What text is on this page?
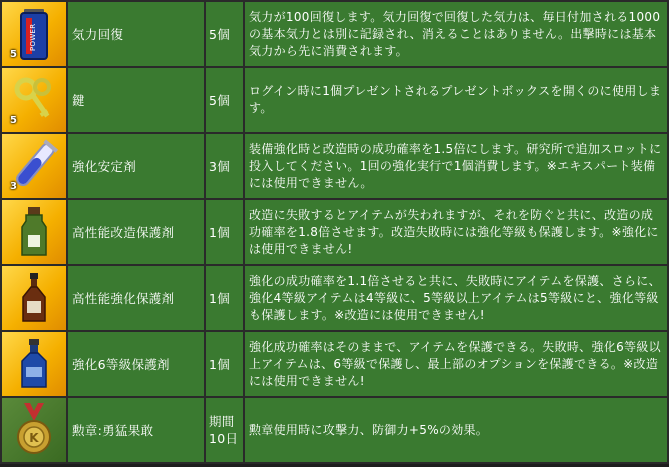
POWER
5	気力回復	5個	気力が100回復します。気力回復で回復した気力は、毎日付加される1000の基本気力とは別に記録され、消えることはありません。出撃時には基本気力から先に消費されます。

5	鍵	5個	ログイン時に1個プレゼントされるプレゼントボックスを開くのに使用します。

3	強化安定剤	3個	装備強化時と改造時の成功確率を1.5倍にします。研究所で追加スロットに投入してください。1回の強化実行で1個消費します。※エキスパート装備には使用できません。

	高性能改造保護剤	1個	改造に失敗するとアイテムが失われますが、それを防ぐと共に、改造の成功確率を1.8倍させます。改造失敗時には強化等級も保護します。※強化には使用できません!

	高性能強化保護剤	1個	強化の成功確率を1.1倍させると共に、失敗時にアイテムを保護、さらに、強化4等級アイテムは4等級に、5等級以上アイテムは5等級にと、強化等級も保護します。※改造には使用できません!

	強化6等級保護剤	1個	強化成功確率はそのままで、アイテムを保護できる。失敗時、強化6等級以上アイテムは、6等級で保護し、最上部のオプションを保護できる。※改造には使用できません!

K	勲章:勇猛果敢	期間10日	勲章使用時に攻撃力、防御力+5%の効果。
